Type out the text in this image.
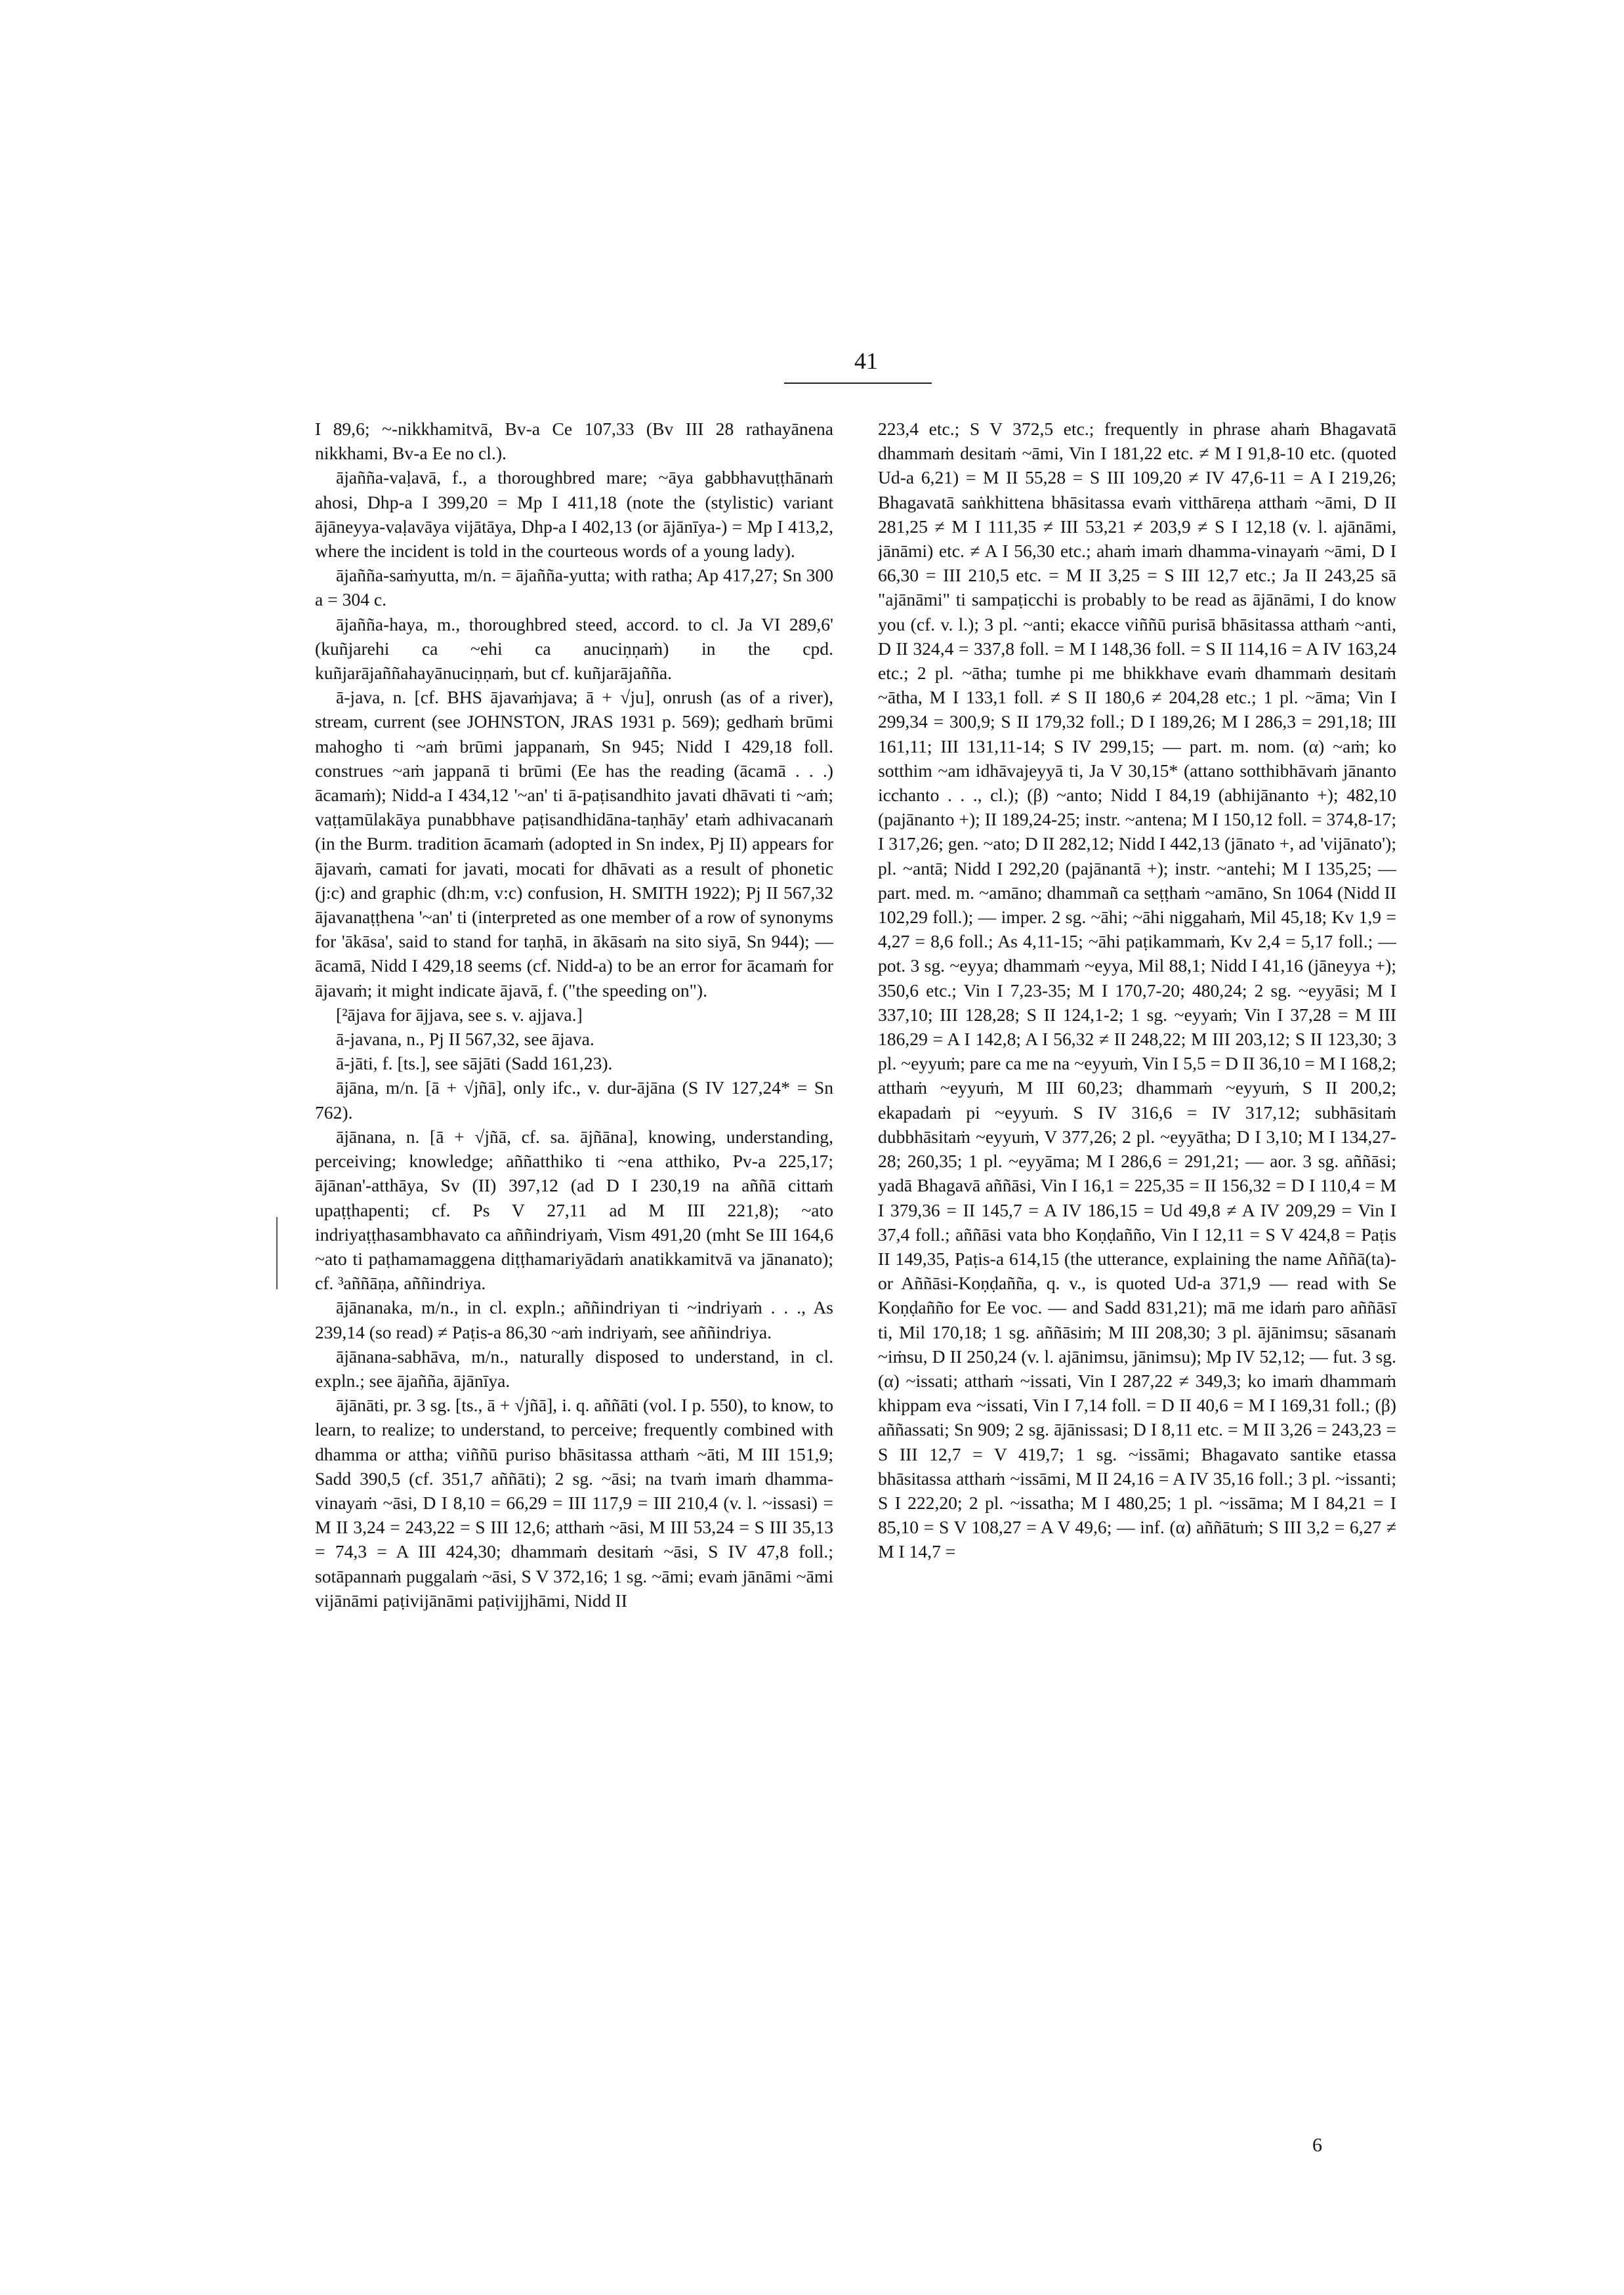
41

I 89,6; ~-nikkhamitvā, Bv-a Ce 107,33 (Bv III 28 rathayānena nikkhami, Bv-a Ee no cl.).

ājañña-vaḷavā, f., a thoroughbred mare; ~āya gabbhavuṭṭhānaṁ ahosi, Dhp-a I 399,20 = Mp I 411,18 (note the (stylistic) variant ājāneyya-vaḷavāya vijātāya, Dhp-a I 402,13 (or ājānīya-) = Mp I 413,2, where the incident is told in the courteous words of a young lady).

ājañña-saṁyutta, m/n. = ājañña-yutta; with ratha; Ap 417,27; Sn 300 a = 304 c.

ājañña-haya, m., thoroughbred steed, accord. to cl. Ja VI 289,6' (kuñjarehi ca ~ehi ca anuciṇṇaṁ) in the cpd. kuñjarājaññahayānuciṇṇaṁ, but cf. kuñjarājañña.

ā-java, n. [cf. BHS ājavaṁjava; ā + √ju], onrush (as of a river), stream, current (see JOHNSTON, JRAS 1931 p. 569); gedhaṁ brūmi mahogho ti ~aṁ brūmi jappanaṁ, Sn 945; Nidd I 429,18 foll. construes ~aṁ jappanā ti brūmi (Ee has the reading (ācamā . . .) ācamaṁ); Nidd-a I 434,12 '~an' ti ā-paṭisandhito javati dhāvati ti ~aṁ; vaṭṭamūlakāya punabbhave paṭisandhidāna-taṇhāy' etaṁ adhivacanaṁ (in the Burm. tradition ācamaṁ (adopted in Sn index, Pj II) appears for ājavaṁ, camati for javati, mocati for dhāvati as a result of phonetic (j:c) and graphic (dh:m, v:c) confusion, H. SMITH 1922); Pj II 567,32 ājavanaṭṭhena '~an' ti (interpreted as one member of a row of synonyms for 'ākāsa', said to stand for taṇhā, in ākāsaṁ na sito siyā, Sn 944); — ācamā, Nidd I 429,18 seems (cf. Nidd-a) to be an error for ācamaṁ for ājavaṁ; it might indicate ājavā, f. ("the speeding on").

[²ājava for ājjava, see s. v. ajjava.]

ā-javana, n., Pj II 567,32, see ājava.

ā-jāti, f. [ts.], see sājāti (Sadd 161,23).

ājāna, m/n. [ā + √jñā], only ifc., v. dur-ājāna (S IV 127,24* = Sn 762).

ājānana, n. [ā + √jñā, cf. sa. ājñāna], knowing, understanding, perceiving; knowledge; aññatthiko ti ~ena atthiko, Pv-a 225,17; ājānan'-atthāya, Sv (II) 397,12 (ad D I 230,19 na aññā cittaṁ upaṭṭhapenti; cf. Ps V 27,11 ad M III 221,8); ~ato indriyaṭṭhasambhavato ca aññindriyaṁ, Vism 491,20 (mht Se III 164,6 ~ato ti paṭhamamaggena diṭṭhamariyādaṁ anatikkamitvā va jānanato); cf. ³aññāṇa, aññindriya.

ājānanaka, m/n., in cl. expln.; aññindriyan ti ~indriyaṁ . . ., As 239,14 (so read) ≠ Paṭis-a 86,30 ~aṁ indriyaṁ, see aññindriya.

ājānana-sabhāva, m/n., naturally disposed to understand, in cl. expln.; see ājañña, ājānīya.

ājānāti, pr. 3 sg. [ts., ā + √jñā], i. q. aññāti (vol. I p. 550), to know, to learn, to realize; to understand, to perceive; frequently combined with dhamma or attha; viññū puriso bhāsitassa atthaṁ ~āti, M III 151,9; Sadd 390,5 (cf. 351,7 aññāti); 2 sg. ~āsi; na tvaṁ imaṁ dhamma-vinayaṁ ~āsi, D I 8,10 = 66,29 = III 117,9 = III 210,4 (v. l. ~issasi) = M II 3,24 = 243,22 = S III 12,6; atthaṁ ~āsi, M III 53,24 = S III 35,13 = 74,3 = A III 424,30; dhammaṁ desitaṁ ~āsi, S IV 47,8 foll.; sotāpannaṁ puggalaṁ ~āsi, S V 372,16; 1 sg. ~āmi; evaṁ jānāmi ~āmi vijānāmi paṭivijānāmi paṭivijjhāmi, Nidd II

223,4 etc.; S V 372,5 etc.; frequently in phrase ahaṁ Bhagavatā dhammaṁ desitaṁ ~āmi, Vin I 181,22 etc. ≠ M I 91,8-10 etc. (quoted Ud-a 6,21) = M II 55,28 = S III 109,20 ≠ IV 47,6-11 = A I 219,26; Bhagavatā saṅkhittena bhāsitassa evaṁ vitthāreṇa atthaṁ ~āmi, D II 281,25 ≠ M I 111,35 ≠ III 53,21 ≠ 203,9 ≠ S I 12,18 (v. l. ajānāmi, jānāmi) etc. ≠ A I 56,30 etc.; ahaṁ imaṁ dhamma-vinayaṁ ~āmi, D I 66,30 = III 210,5 etc. = M II 3,25 = S III 12,7 etc.; Ja II 243,25 sā "ajānāmi" ti sampaṭicchi is probably to be read as ājānāmi, I do know you (cf. v. l.); 3 pl. ~anti; ekacce viññū purisā bhāsitassa atthaṁ ~anti, D II 324,4 = 337,8 foll. = M I 148,36 foll. = S II 114,16 = A IV 163,24 etc.; 2 pl. ~ātha; tumhe pi me bhikkhave evaṁ dhammaṁ desitaṁ ~ātha, M I 133,1 foll. ≠ S II 180,6 ≠ 204,28 etc.; 1 pl. ~āma; Vin I 299,34 = 300,9; S II 179,32 foll.; D I 189,26; M I 286,3 = 291,18; III 161,11; III 131,11-14; S IV 299,15; — part. m. nom. (α) ~aṁ; ko sotthim ~am idhāvajeyyā ti, Ja V 30,15* (attano sotthibhāvaṁ jānanto icchanto . . ., cl.); (β) ~anto; Nidd I 84,19 (abhijānanto +); 482,10 (pajānanto +); II 189,24-25; instr. ~antena; M I 150,12 foll. = 374,8-17; I 317,26; gen. ~ato; D II 282,12; Nidd I 442,13 (jānato +, ad 'vijānato'); pl. ~antā; Nidd I 292,20 (pajānantā +); instr. ~antehi; M I 135,25; — part. med. m. ~amāno; dhammañ ca seṭṭhaṁ ~amāno, Sn 1064 (Nidd II 102,29 foll.); — imper. 2 sg. ~āhi; ~āhi niggahaṁ, Mil 45,18; Kv 1,9 = 4,27 = 8,6 foll.; As 4,11-15; ~āhi paṭikammaṁ, Kv 2,4 = 5,17 foll.; — pot. 3 sg. ~eyya; dhammaṁ ~eyya, Mil 88,1; Nidd I 41,16 (jāneyya +); 350,6 etc.; Vin I 7,23-35; M I 170,7-20; 480,24; 2 sg. ~eyyāsi; M I 337,10; III 128,28; S II 124,1-2; 1 sg. ~eyyaṁ; Vin I 37,28 = M III 186,29 = A I 142,8; A I 56,32 ≠ II 248,22; M III 203,12; S II 123,30; 3 pl. ~eyyuṁ; pare ca me na ~eyyuṁ, Vin I 5,5 = D II 36,10 = M I 168,2; atthaṁ ~eyyuṁ, M III 60,23; dhammaṁ ~eyyuṁ, S II 200,2; ekapadaṁ pi ~eyyuṁ. S IV 316,6 = IV 317,12; subhāsitaṁ dubbhāsitaṁ ~eyyuṁ, V 377,26; 2 pl. ~eyyātha; D I 3,10; M I 134,27-28; 260,35; 1 pl. ~eyyāma; M I 286,6 = 291,21; — aor. 3 sg. aññāsi; yadā Bhagavā aññāsi, Vin I 16,1 = 225,35 = II 156,32 = D I 110,4 = M I 379,36 = II 145,7 = A IV 186,15 = Ud 49,8 ≠ A IV 209,29 = Vin I 37,4 foll.; aññāsi vata bho Koṇḍañño, Vin I 12,11 = S V 424,8 = Paṭis II 149,35, Paṭis-a 614,15 (the utterance, explaining the name Aññā(ta)- or Aññāsi-Koṇḍañña, q. v., is quoted Ud-a 371,9 — read with Se Koṇḍañño for Ee voc. — and Sadd 831,21); mā me idaṁ paro aññāsī ti, Mil 170,18; 1 sg. aññāsiṁ; M III 208,30; 3 pl. ājānimsu; sāsanaṁ ~iṁsu, D II 250,24 (v. l. ajānimsu, jānimsu); Mp IV 52,12; — fut. 3 sg. (α) ~issati; atthaṁ ~issati, Vin I 287,22 ≠ 349,3; ko imaṁ dhammaṁ khippam eva ~issati, Vin I 7,14 foll. = D II 40,6 = M I 169,31 foll.; (β) aññassati; Sn 909; 2 sg. ājānissasi; D I 8,11 etc. = M II 3,26 = 243,23 = S III 12,7 = V 419,7; 1 sg. ~issāmi; Bhagavato santike etassa bhāsitassa atthaṁ ~issāmi, M II 24,16 = A IV 35,16 foll.; 3 pl. ~issanti; S I 222,20; 2 pl. ~issatha; M I 480,25; 1 pl. ~issāma; M I 84,21 = I 85,10 = S V 108,27 = A V 49,6; — inf. (α) aññātuṁ; S III 3,2 = 6,27 ≠ M I 14,7 =

6
